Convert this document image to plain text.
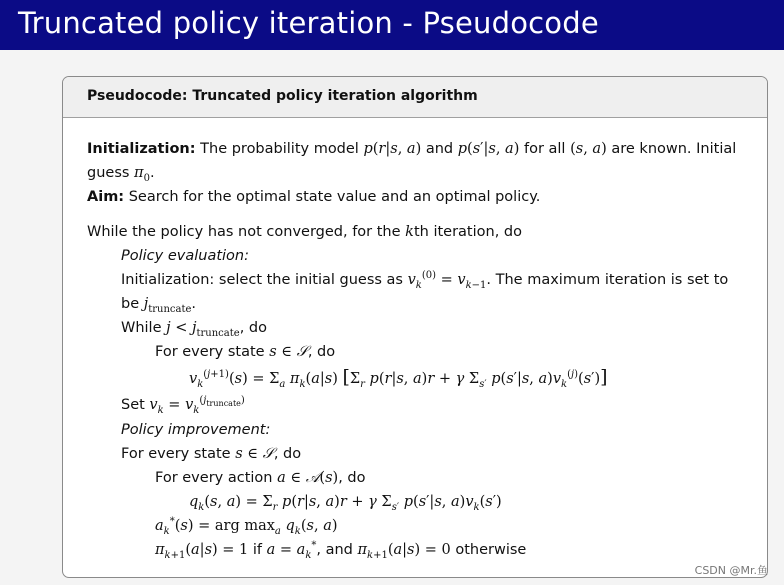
Truncated policy iteration - Pseudocode
Pseudocode: Truncated policy iteration algorithm
Initialization: The probability model p(r|s, a) and p(s′|s, a) for all (s, a) are known. Initial
guess $\pi_0$.
Aim: Search for the optimal state value and an optimal policy.
While the policy has not converged, for the kth iteration, do
Policy evaluation:
Initialization: select the initial guess as $v_k^{(0)} = v_{k-1}$. The maximum iteration is set to
be $j_{truncate}$.
While $j < j_{truncate}$, do
For every state s ∈ 𝒮, do
$v_k^{(j+1)}(s) = \Sigma_a$ $\pi_k(a|s)$ [$\Sigma_r$ p(r|s, a)r + γ $\Sigma_{s'}$ p(s′|s, $a)v_k^{(j)}(s')$]
Set $v_k = v_k^{(j_{truncate})}$
Policy improvement:
For every state s ∈ 𝒮, do
For every action a ∈ 𝒜(s), do
$q_k(s$, $a) = \Sigma_r$ p(r|s, a)r + γ $\Sigma_{s'}$ p(s′|s, $a)v_k(s')$
$a_k^*(s)$ = arg $\max_a q_k(s$, a)
$\pi_{k+1}(a|s) = 1$ if $a = a_k^*$, and $\pi_{k+1}(a|s) = 0$ otherwise
CSDN @Mr.鱼
